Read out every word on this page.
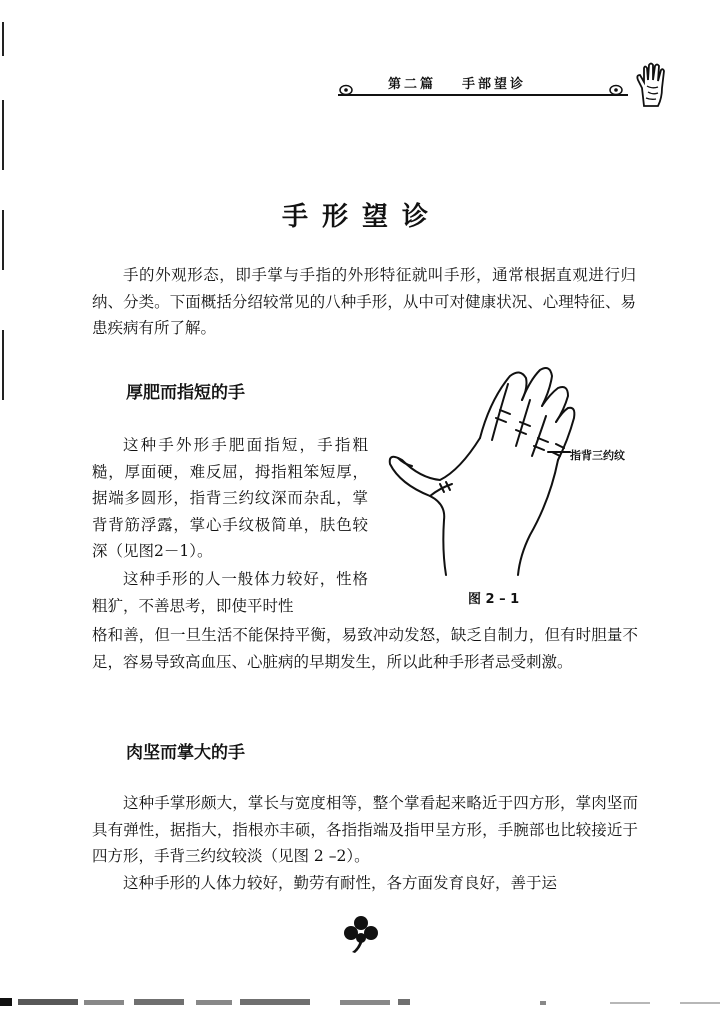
第二篇 手部望诊
手形望诊

手的外观形态，即手掌与手指的外形特征就叫手形，通常根据直观进行归纳、分类。下面概括分绍较常见的八种手形，从中可对健康状况、心理特征、易患疾病有所了解。

厚肥而指短的手

这种手外形手肥面指短，手指粗糙，厚面硬，难反屈，拇指粗笨短厚，据端多圆形，指背三约纹深而杂乱，掌背背筋浮露，掌心手纹极简单，肤色较深（见图2－1）。

这种手形的人一般体力较好，性格粗犷，不善思考，即使平时性

格和善，但一旦生活不能保持平衡，易致冲动发怒，缺乏自制力，但有时胆量不足，容易导致高血压、心脏病的早期发生，所以此种手形者忌受刺激。

指背三约纹
图 2 – 1
肉坚而掌大的手

这种手掌形颇大，掌长与宽度相等，整个掌看起来略近于四方形，掌肉坚而具有弹性，据指大，指根亦丰硕，各指指端及指甲呈方形，手腕部也比较接近于四方形，手背三约纹较淡（见图 2 –2）。

这种手形的人体力较好，勤劳有耐性，各方面发育良好，善于运
